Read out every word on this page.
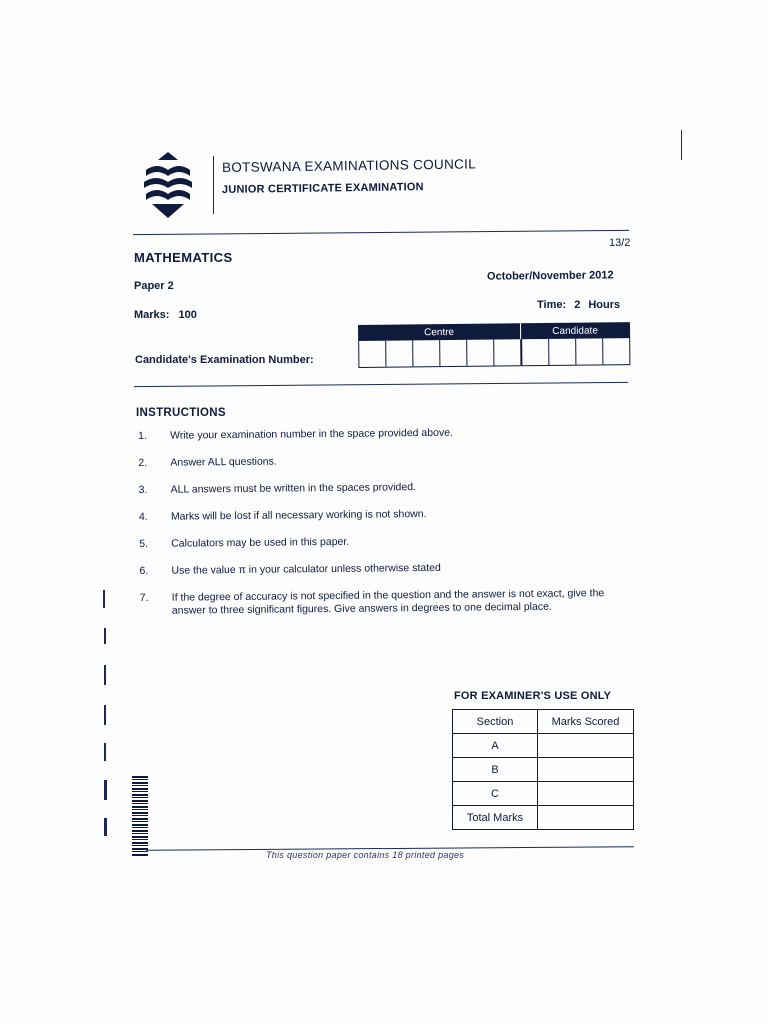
BOTSWANA EXAMINATIONS COUNCIL
JUNIOR CERTIFICATE EXAMINATION
MATHEMATICS
13/2
Paper 2
October/November 2012
Marks: 100
Time: 2 Hours
Candidate's Examination Number:
Centre	Candidate
INSTRUCTIONS
1.	Write your examination number in the space provided above.
2.	Answer ALL questions.
3.	ALL answers must be written in the spaces provided.
4.	Marks will be lost if all necessary working is not shown.
5.	Calculators may be used in this paper.
6.	Use the value π in your calculator unless otherwise stated
7.	If the degree of accuracy is not specified in the question and the answer is not exact, give the answer to three significant figures. Give answers in degrees to one decimal place.
FOR EXAMINER'S USE ONLY
Section	Marks Scored
A	
B	
C	
Total Marks	
This question paper contains 18 printed pages
